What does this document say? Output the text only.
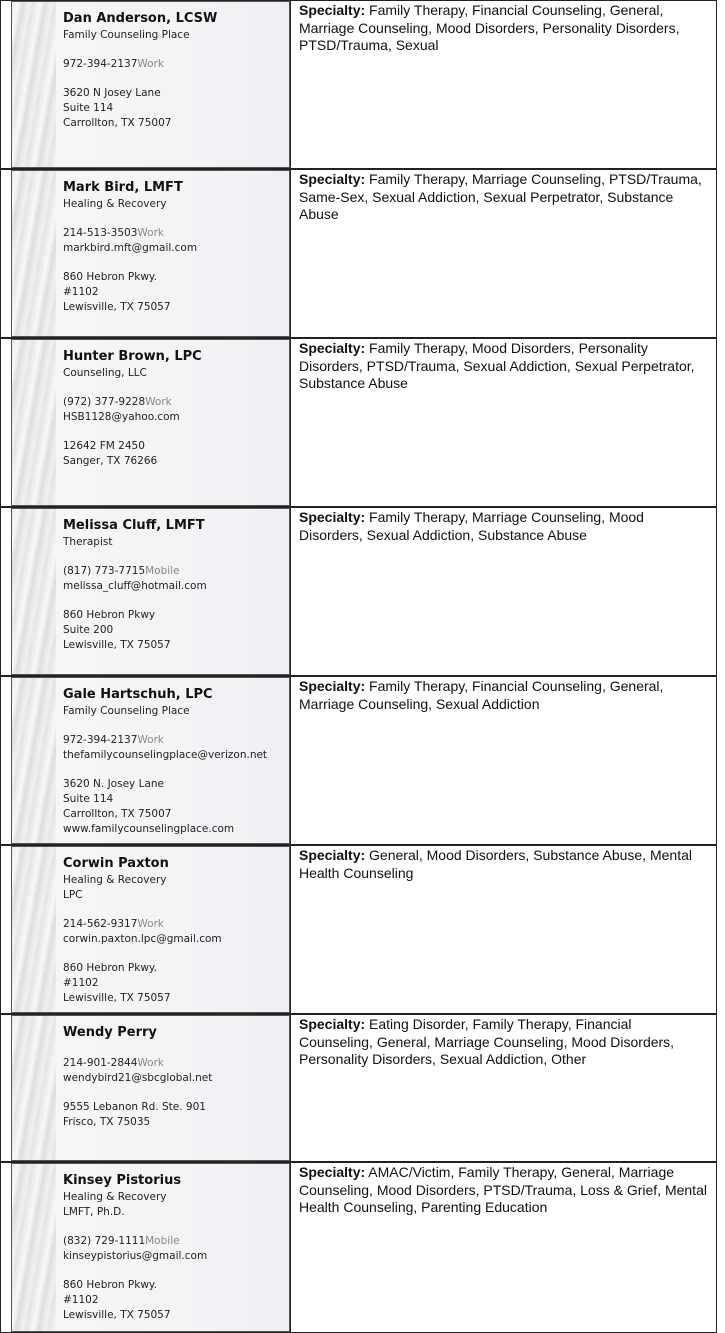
Dan Anderson, LCSW
Family Counseling Place
972-394-2137Work
3620 N Josey Lane
Suite 114
Carrollton, TX 75007
Specialty: Family Therapy, Financial Counseling, General, Marriage Counseling, Mood Disorders, Personality Disorders, PTSD/Trauma, Sexual
Mark Bird, LMFT
Healing & Recovery
214-513-3503Work
markbird.mft@gmail.com
860 Hebron Pkwy.
#1102
Lewisville, TX 75057
Specialty: Family Therapy, Marriage Counseling, PTSD/Trauma, Same-Sex, Sexual Addiction, Sexual Perpetrator, Substance Abuse
Hunter Brown, LPC
Counseling, LLC
(972) 377-9228Work
HSB1128@yahoo.com
12642 FM 2450
Sanger, TX 76266
Specialty: Family Therapy, Mood Disorders, Personality Disorders, PTSD/Trauma, Sexual Addiction, Sexual Perpetrator, Substance Abuse
Melissa Cluff, LMFT
Therapist
(817) 773-7715Mobile
melissa_cluff@hotmail.com
860 Hebron Pkwy
Suite 200
Lewisville, TX 75057
Specialty: Family Therapy, Marriage Counseling, Mood Disorders, Sexual Addiction, Substance Abuse
Gale Hartschuh, LPC
Family Counseling Place
972-394-2137Work
thefamilycounselingplace@verizon.net
3620 N. Josey Lane
Suite 114
Carrollton, TX 75007
www.familycounselingplace.com
Specialty: Family Therapy, Financial Counseling, General, Marriage Counseling, Sexual Addiction
Corwin Paxton
Healing & Recovery
LPC
214-562-9317Work
corwin.paxton.lpc@gmail.com
860 Hebron Pkwy.
#1102
Lewisville, TX 75057
Specialty: General, Mood Disorders, Substance Abuse, Mental Health Counseling
Wendy Perry
214-901-2844Work
wendybird21@sbcglobal.net
9555 Lebanon Rd. Ste. 901
Frisco, TX 75035
Specialty: Eating Disorder, Family Therapy, Financial Counseling, General, Marriage Counseling, Mood Disorders, Personality Disorders, Sexual Addiction, Other
Kinsey Pistorius
Healing & Recovery
LMFT, Ph.D.
(832) 729-1111Mobile
kinseypistorius@gmail.com
860 Hebron Pkwy.
#1102
Lewisville, TX 75057
Specialty: AMAC/Victim, Family Therapy, General, Marriage Counseling, Mood Disorders, PTSD/Trauma, Loss & Grief, Mental Health Counseling, Parenting Education
